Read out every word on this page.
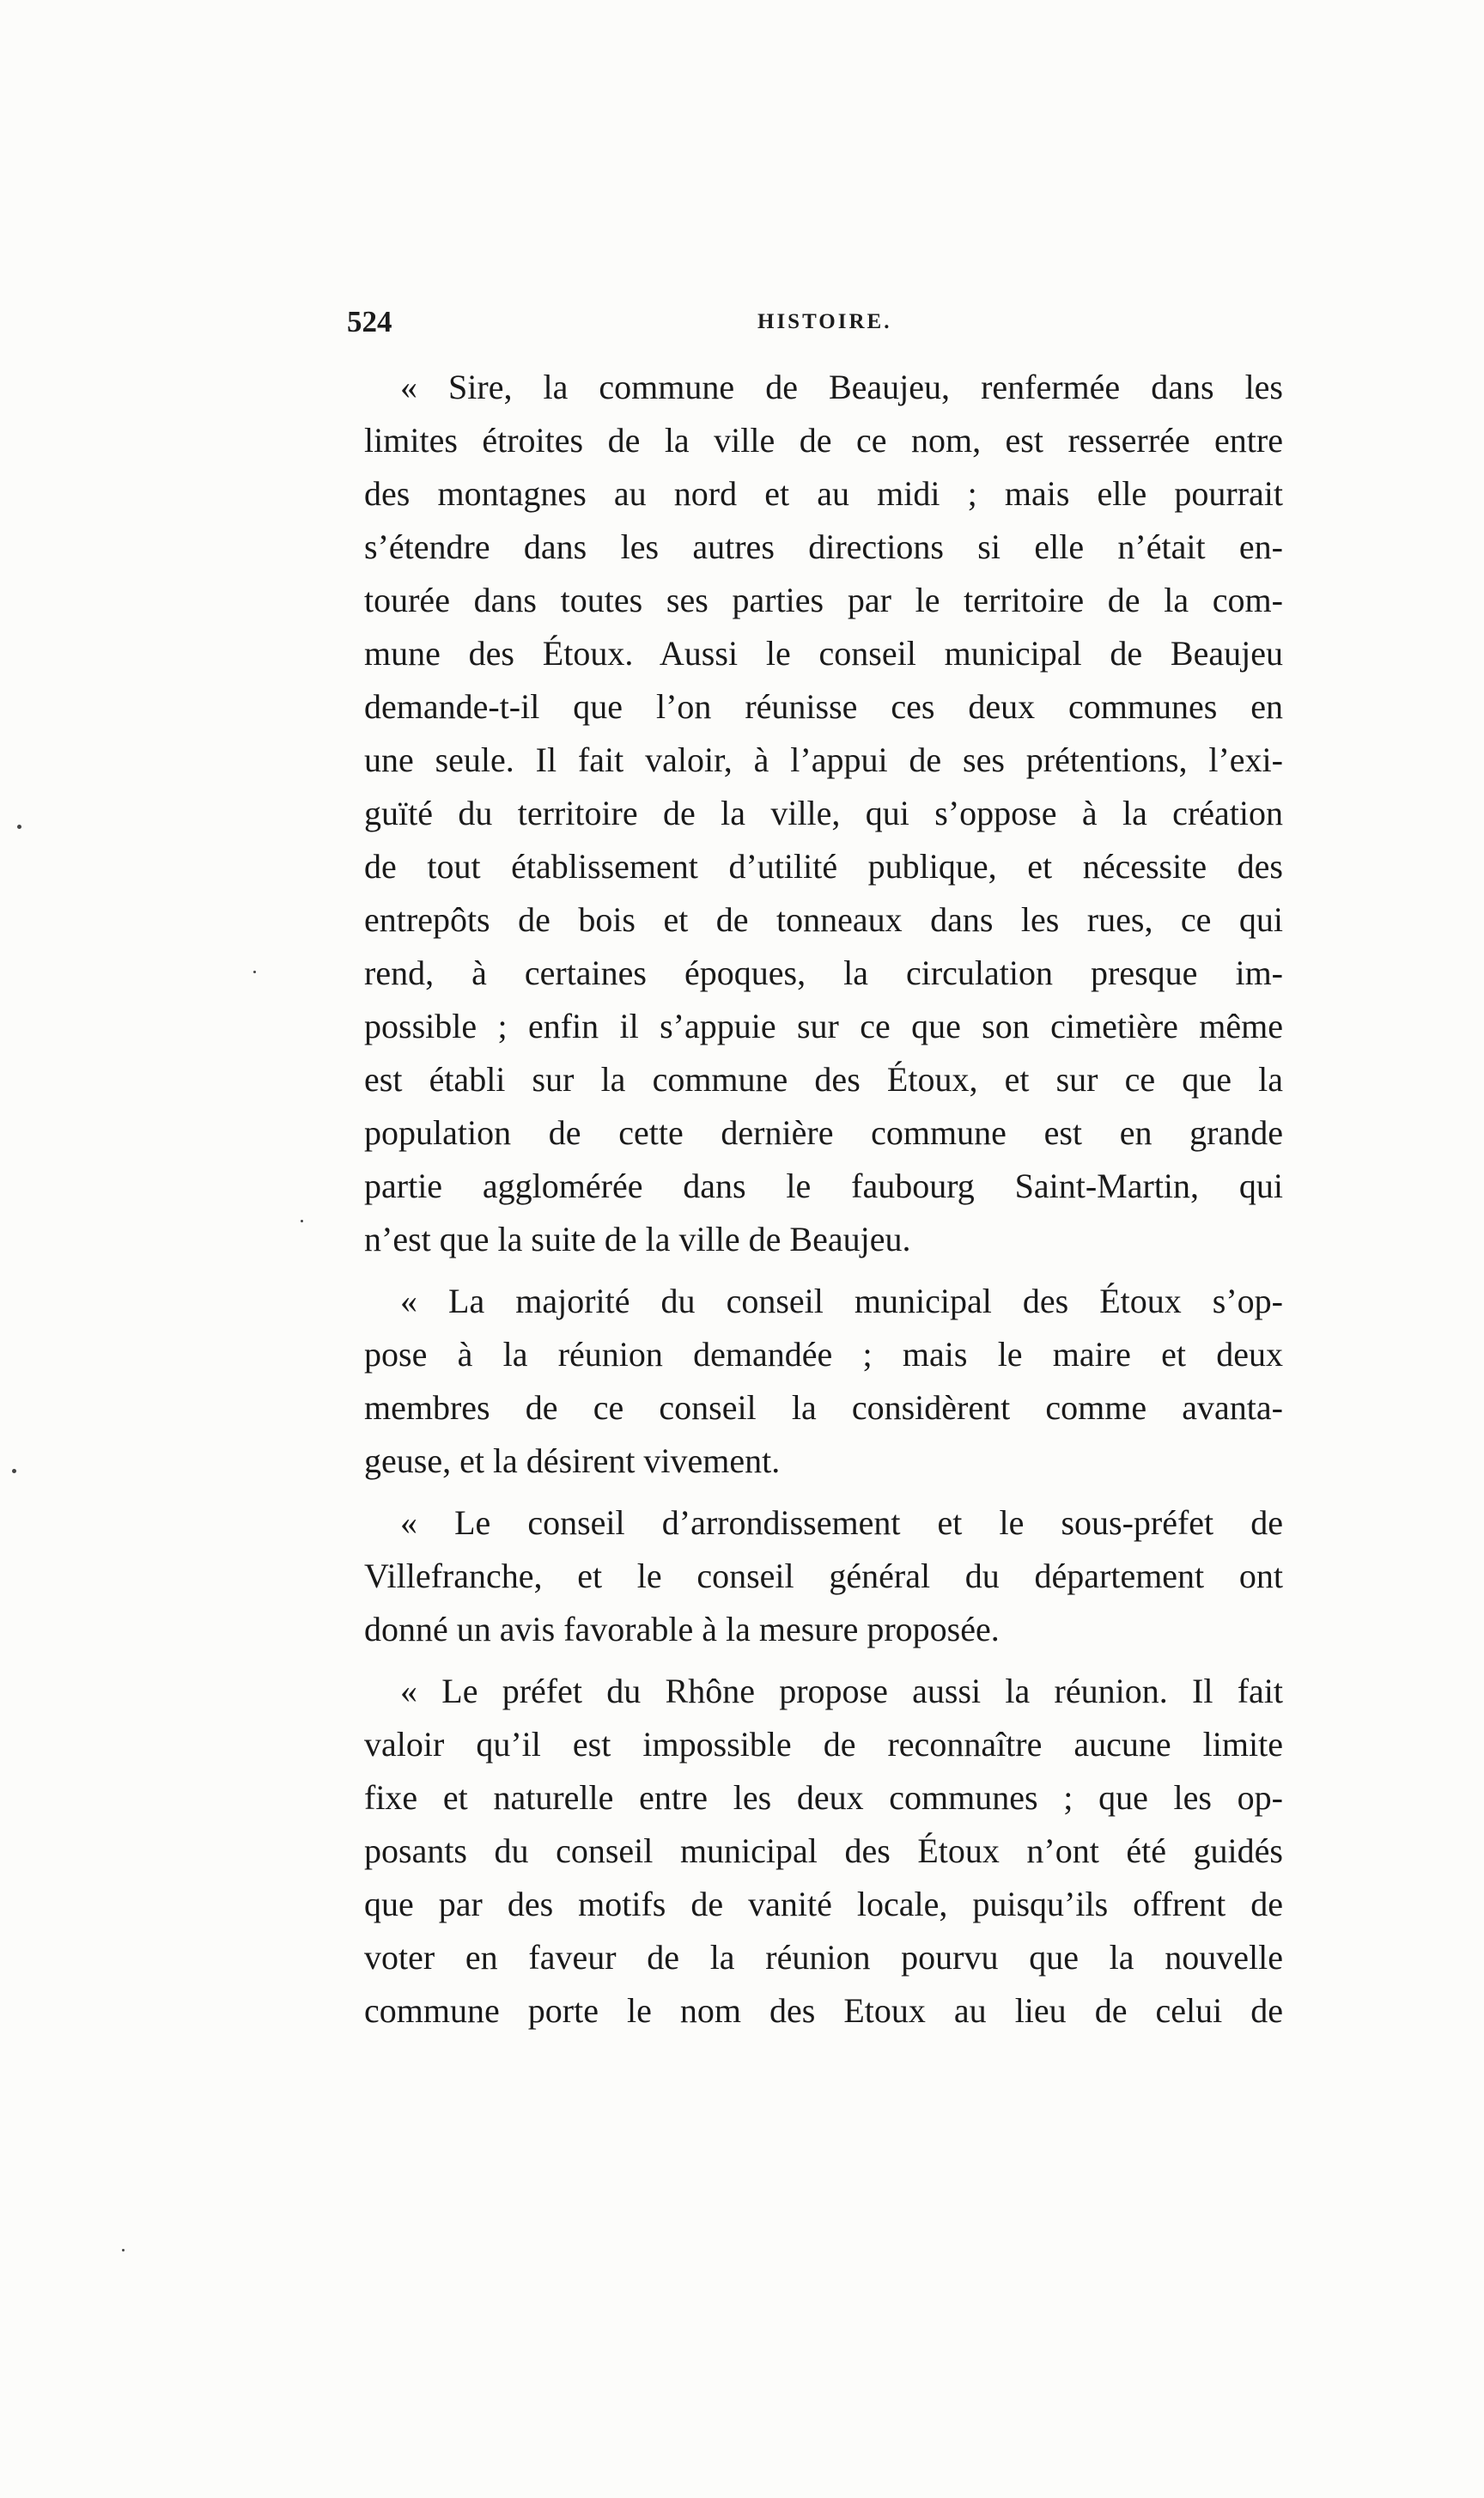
524	HISTOIRE.
« Sire, la commune de Beaujeu, renfermée dans les
limites étroites de la ville de ce nom, est resserrée entre
des montagnes au nord et au midi ; mais elle pourrait
s’étendre dans les autres directions si elle n’était en-
tourée dans toutes ses parties par le territoire de la com-
mune des Étoux. Aussi le conseil municipal de Beaujeu
demande-t-il que l’on réunisse ces deux communes en
une seule. Il fait valoir, à l’appui de ses prétentions, l’exi-
guïté du territoire de la ville, qui s’oppose à la création
de tout établissement d’utilité publique, et nécessite des
entrepôts de bois et de tonneaux dans les rues, ce qui
rend, à certaines époques, la circulation presque im-
possible ; enfin il s’appuie sur ce que son cimetière même
est établi sur la commune des Étoux, et sur ce que la
population de cette dernière commune est en grande
partie agglomérée dans le faubourg Saint-Martin, qui
n’est que la suite de la ville de Beaujeu.
« La majorité du conseil municipal des Étoux s’op-
pose à la réunion demandée ; mais le maire et deux
membres de ce conseil la considèrent comme avanta-
geuse, et la désirent vivement.
« Le conseil d’arrondissement et le sous-préfet de
Villefranche, et le conseil général du département ont
donné un avis favorable à la mesure proposée.
« Le préfet du Rhône propose aussi la réunion. Il fait
valoir qu’il est impossible de reconnaître aucune limite
fixe et naturelle entre les deux communes ; que les op-
posants du conseil municipal des Étoux n’ont été guidés
que par des motifs de vanité locale, puisqu’ils offrent de
voter en faveur de la réunion pourvu que la nouvelle
commune porte le nom des Etoux au lieu de celui de
